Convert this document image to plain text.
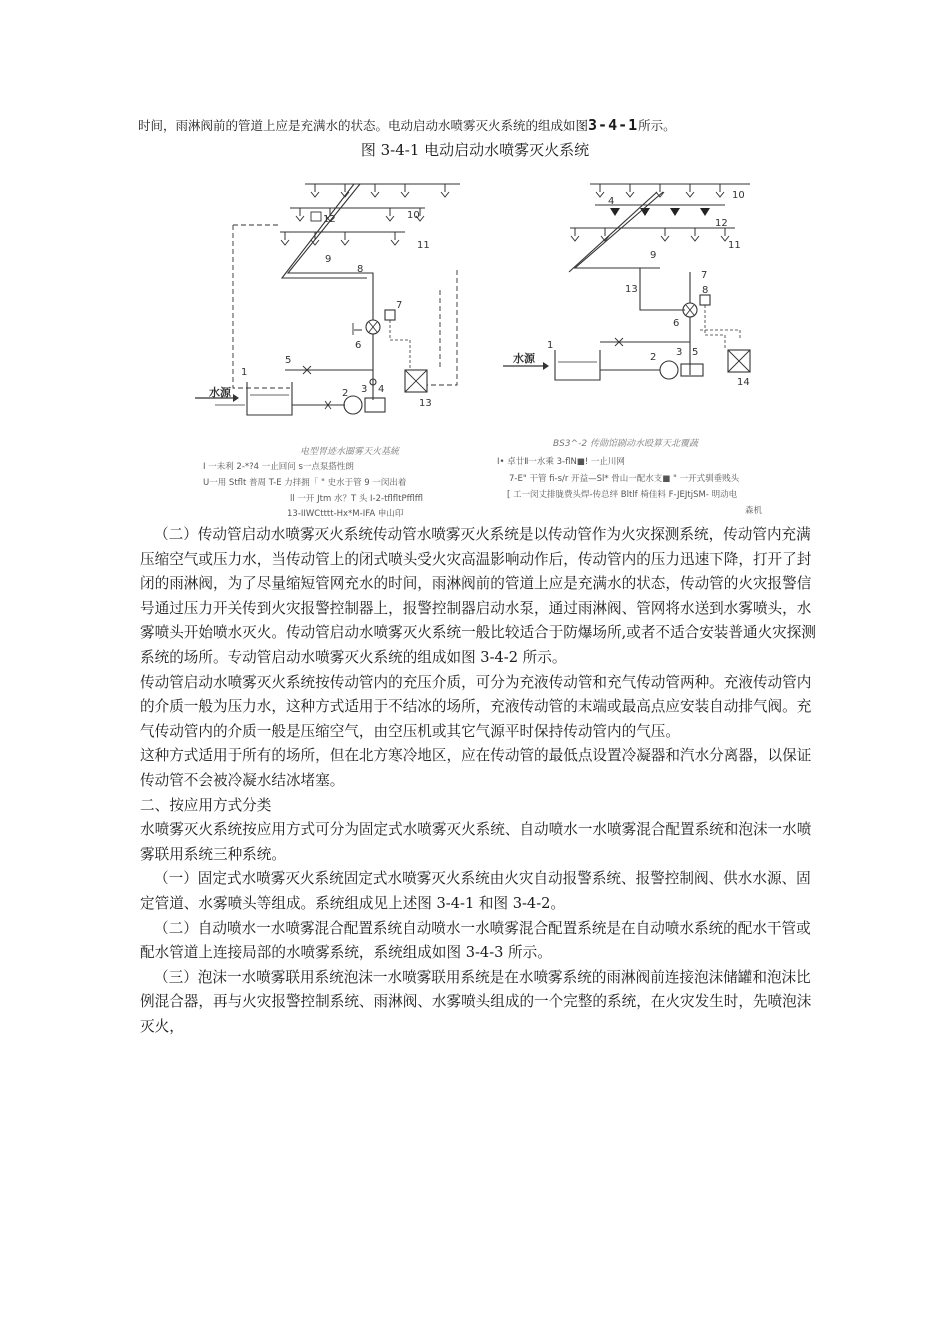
时间，雨淋阀前的管道上应是充满水的状态。电动启动水喷雾灭火系统的组成如图3-4-1所示。
图 3-4-1 电动启动水喷雾灭火系统
12	10
9
11
8
7
6
5
1
2 3 4
13
水源
10
4
12
11
9
7
13	8
6
1
2 3 5
14
水源
电型胃迹水圈雾天火基統
I 一未利 2-*?4 一止回问 s一点泵搭性朗
U一用 Stflt 普周 T-E 力拌拥「 " 史水于管 9 一闵出着
ll 一开 Jtm 水？T 头 I-2-tflfltPfflffl
13-IIWCtttt-Hx*M-IFA 申山印
BS3^-2 传勋馆剧动水殴算天北覆蔬
I• 卓廿Ⅱ一水乘 3-flN■! 一止川网
7-E" 干管 fi-s/r 开益—Sl* 骨山一配水支■ " 一开式驯垂贱头
[ 工一闵丈排胧费头焊-传总绊 Bltlf 椅佳料 F-JEJtjSM- 明动电
森机

（二）传动管启动水喷雾灭火系统传动管水喷雾灭火系统是以传动管作为火灾探测系统，传动管内充满压缩空气或压力水，当传动管上的闭式喷头受火灾高温影响动作后，传动管内的压力迅速下降，打开了封闭的雨淋阀，为了尽量缩短管网充水的时间，雨淋阀前的管道上应是充满水的状态，传动管的火灾报警信号通过压力开关传到火灾报警控制器上，报警控制器启动水泵，通过雨淋阀、管网将水送到水雾喷头，水雾喷头开始喷水灭火。传动管启动水喷雾灭火系统一般比较适合于防爆场所,或者不适合安装普通火灾探测系统的场所。专动管启动水喷雾灭火系统的组成如图 3-4-2 所示。

传动管启动水喷雾灭火系统按传动管内的充压介质，可分为充液传动管和充气传动管两种。充液传动管内的介质一般为压力水，这种方式适用于不结冰的场所，充液传动管的末端或最高点应安装自动排气阀。充气传动管内的介质一般是压缩空气，由空压机或其它气源平时保持传动管内的气压。

这种方式适用于所有的场所，但在北方寒冷地区，应在传动管的最低点设置冷凝器和汽水分离器，以保证传动管不会被冷凝水结冰堵塞。

二、按应用方式分类

水喷雾灭火系统按应用方式可分为固定式水喷雾灭火系统、自动喷水一水喷雾混合配置系统和泡沫一水喷雾联用系统三种系统。

（一）固定式水喷雾灭火系统固定式水喷雾灭火系统由火灾自动报警系统、报警控制阀、供水水源、固定管道、水雾喷头等组成。系统组成见上述图 3-4-1 和图 3-4-2。

（二）自动喷水一水喷雾混合配置系统自动喷水一水喷雾混合配置系统是在自动喷水系统的配水干管或配水管道上连接局部的水喷雾系统，系统组成如图 3-4-3 所示。

（三）泡沫一水喷雾联用系统泡沫一水喷雾联用系统是在水喷雾系统的雨淋阀前连接泡沫储罐和泡沫比例混合器，再与火灾报警控制系统、雨淋阀、水雾喷头组成的一个完整的系统，在火灾发生时，先喷泡沫灭火，
